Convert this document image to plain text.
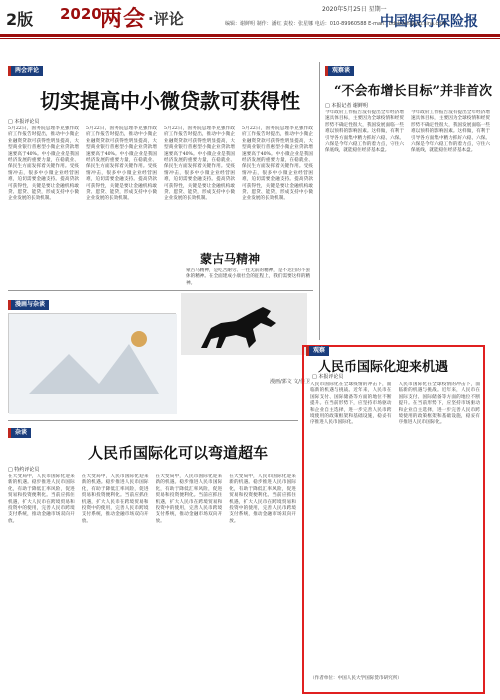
2版 2020
两会 ·评论
2020年5月25日 星期一
中国银行保险报
编辑：谢鲜明 制作：潘红 责校：张星娜 电话：010-89960588 E-mail：bdcbcsh@vip.sina.com
两会评论
切实提高中小微贷款可获得性
□ 本报评论员
5月22日，国务院总理李克强作政府工作报告时提出，推动中小微企业融资贷款可获得性明显提高，大型商业银行普惠型小微企业贷款增速要高于40%。中小微企业是我国经济发展的重要力量，在稳就业、保民生方面发挥着关键作用。受疫情冲击，很多中小微企业经营困难，迫切需要金融支持。提高贷款可获得性，关键是要让金融机构敢贷、愿贷、能贷，形成支持中小微企业发展的长效机制。
5月22日，国务院总理李克强作政府工作报告时提出，推动中小微企业融资贷款可获得性明显提高，大型商业银行普惠型小微企业贷款增速要高于40%。中小微企业是我国经济发展的重要力量，在稳就业、保民生方面发挥着关键作用。受疫情冲击，很多中小微企业经营困难，迫切需要金融支持。提高贷款可获得性，关键是要让金融机构敢贷、愿贷、能贷，形成支持中小微企业发展的长效机制。
5月22日，国务院总理李克强作政府工作报告时提出，推动中小微企业融资贷款可获得性明显提高，大型商业银行普惠型小微企业贷款增速要高于40%。中小微企业是我国经济发展的重要力量，在稳就业、保民生方面发挥着关键作用。受疫情冲击，很多中小微企业经营困难，迫切需要金融支持。提高贷款可获得性，关键是要让金融机构敢贷、愿贷、能贷，形成支持中小微企业发展的长效机制。
5月22日，国务院总理李克强作政府工作报告时提出，推动中小微企业融资贷款可获得性明显提高，大型商业银行普惠型小微企业贷款增速要高于40%。中小微企业是我国经济发展的重要力量，在稳就业、保民生方面发挥着关键作用。受疫情冲击，很多中小微企业经营困难，迫切需要金融支持。提高贷款可获得性，关键是要让金融机构敢贷、愿贷、能贷，形成支持中小微企业发展的长效机制。
观察谈
“不会布增长目标”并非首次
□ 本报记者 谢鲜明
今年政府工作报告没有提出全年经济增速具体目标，主要因为全球疫情和经贸形势不确定性很大，我国发展面临一些难以预料的影响因素。这样做，有利于引导各方面集中精力抓好六稳、六保。六保是今年六稳工作的着力点，守住六保底线，就能稳住经济基本盘。
今年政府工作报告没有提出全年经济增速具体目标，主要因为全球疫情和经贸形势不确定性很大，我国发展面临一些难以预料的影响因素。这样做，有利于引导各方面集中精力抓好六稳、六保。六保是今年六稳工作的着力点，守住六保底线，就能稳住经济基本盘。
漫画与杂谈
蒙古马精神
蒙古马精神，是吃苦耐劳、一往无前的精神，是不达目的不罢休的精神。在全面建成小康社会的征程上，我们需要这样的精神。
漫画/郭文 文/佳卫
杂谈
人民币国际化可以弯道超车
□ 特约评论员
在大变局中，人民币国际化迎来新的机遇。稳步推进人民币国际化，有助于降低汇率风险，促进贸易和投资便利化。当前应抓住机遇，扩大人民币在跨境贸易和投资中的使用，完善人民币跨境支付系统，推动金融市场双向开放。
在大变局中，人民币国际化迎来新的机遇。稳步推进人民币国际化，有助于降低汇率风险，促进贸易和投资便利化。当前应抓住机遇，扩大人民币在跨境贸易和投资中的使用，完善人民币跨境支付系统，推动金融市场双向开放。
在大变局中，人民币国际化迎来新的机遇。稳步推进人民币国际化，有助于降低汇率风险，促进贸易和投资便利化。当前应抓住机遇，扩大人民币在跨境贸易和投资中的使用，完善人民币跨境支付系统，推动金融市场双向开放。
在大变局中，人民币国际化迎来新的机遇。稳步推进人民币国际化，有助于降低汇率风险，促进贸易和投资便利化。当前应抓住机遇，扩大人民币在跨境贸易和投资中的使用，完善人民币跨境支付系统，推动金融市场双向开放。
观察
人民币国际化迎来机遇
□ 本报评论员
人民币国际化在全球疫情的冲击下，面临新的机遇与挑战。近年来，人民币在国际支付、国际储备等方面的地位不断提升。在当前形势下，应坚持市场驱动和企业自主选择，进一步完善人民币跨境使用的政策框架和基础设施，稳妥有序推进人民币国际化。
人民币国际化在全球疫情的冲击下，面临新的机遇与挑战。近年来，人民币在国际支付、国际储备等方面的地位不断提升。在当前形势下，应坚持市场驱动和企业自主选择，进一步完善人民币跨境使用的政策框架和基础设施，稳妥有序推进人民币国际化。
（作者单位：中国人民大学国际货币研究所）
